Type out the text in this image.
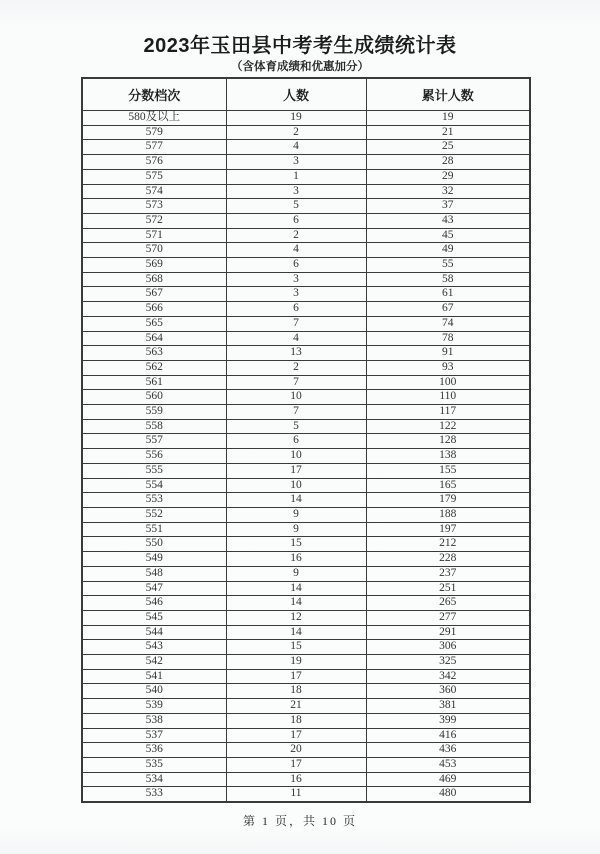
2023年玉田县中考考生成绩统计表
（含体育成绩和优惠加分）
分数档次	人数	累计人数
580及以上	19	19
579	2	21
577	4	25
576	3	28
575	1	29
574	3	32
573	5	37
572	6	43
571	2	45
570	4	49
569	6	55
568	3	58
567	3	61
566	6	67
565	7	74
564	4	78
563	13	91
562	2	93
561	7	100
560	10	110
559	7	117
558	5	122
557	6	128
556	10	138
555	17	155
554	10	165
553	14	179
552	9	188
551	9	197
550	15	212
549	16	228
548	9	237
547	14	251
546	14	265
545	12	277
544	14	291
543	15	306
542	19	325
541	17	342
540	18	360
539	21	381
538	18	399
537	17	416
536	20	436
535	17	453
534	16	469
533	11	480
第 1 页，共 10 页
